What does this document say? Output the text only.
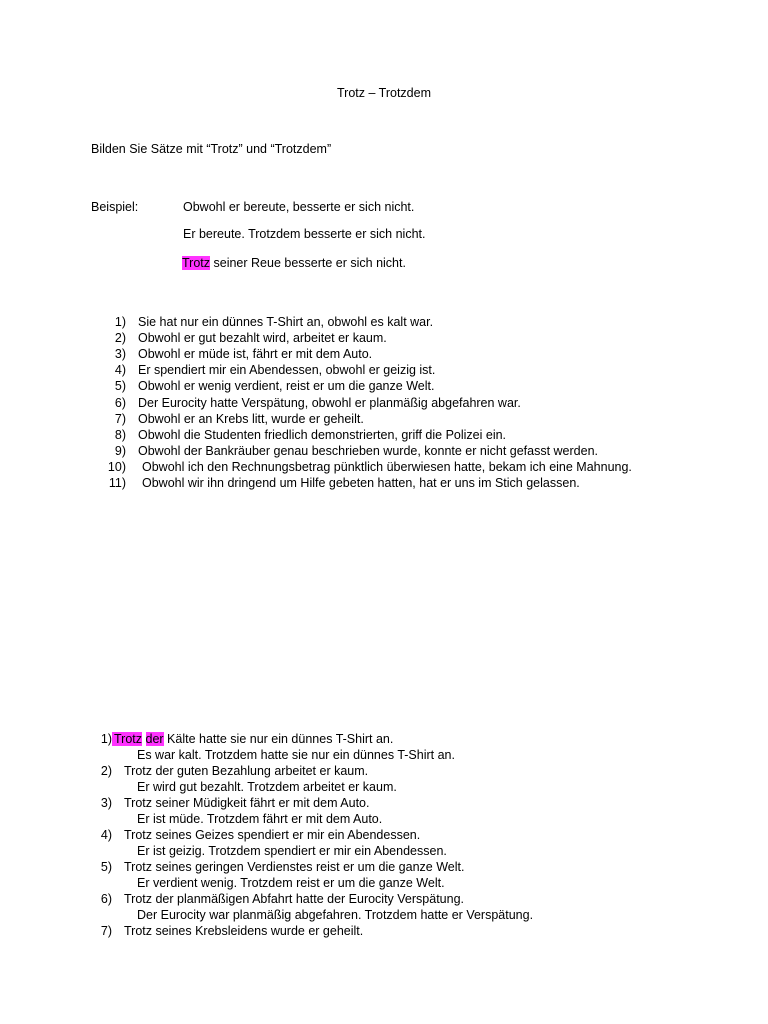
Trotz – Trotzdem
Bilden Sie Sätze mit “Trotz” und “Trotzdem”
Beispiel:	Obwohl er bereute, besserte er sich nicht.
Er bereute. Trotzdem besserte er sich nicht.
Trotz seiner Reue besserte er sich nicht.
1) Sie hat nur ein dünnes T-Shirt an, obwohl es kalt war.
2) Obwohl er gut bezahlt wird, arbeitet er kaum.
3) Obwohl er müde ist, fährt er mit dem Auto.
4) Er spendiert mir ein Abendessen, obwohl er geizig ist.
5) Obwohl er wenig verdient, reist er um die ganze Welt.
6) Der Eurocity hatte Verspätung, obwohl er planmäßig abgefahren war.
7) Obwohl er an Krebs litt, wurde er geheilt.
8) Obwohl die Studenten friedlich demonstrierten, griff die Polizei ein.
9) Obwohl der Bankräuber genau beschrieben wurde, konnte er nicht gefasst werden.
10) Obwohl ich den Rechnungsbetrag pünktlich überwiesen hatte, bekam ich eine Mahnung.
11) Obwohl wir ihn dringend um Hilfe gebeten hatten, hat er uns im Stich gelassen.
1) Trotz der Kälte hatte sie nur ein dünnes T-Shirt an.
Es war kalt. Trotzdem hatte sie nur ein dünnes T-Shirt an.
2) Trotz der guten Bezahlung arbeitet er kaum.
Er wird gut bezahlt. Trotzdem arbeitet er kaum.
3) Trotz seiner Müdigkeit fährt er mit dem Auto.
Er ist müde. Trotzdem fährt er mit dem Auto.
4) Trotz seines Geizes spendiert er mir ein Abendessen.
Er ist geizig. Trotzdem spendiert er mir ein Abendessen.
5) Trotz seines geringen Verdienstes reist er um die ganze Welt.
Er verdient wenig. Trotzdem reist er um die ganze Welt.
6) Trotz der planmäßigen Abfahrt hatte der Eurocity Verspätung.
Der Eurocity war planmäßig abgefahren. Trotzdem hatte er Verspätung.
7) Trotz seines Krebsleidens wurde er geheilt.
